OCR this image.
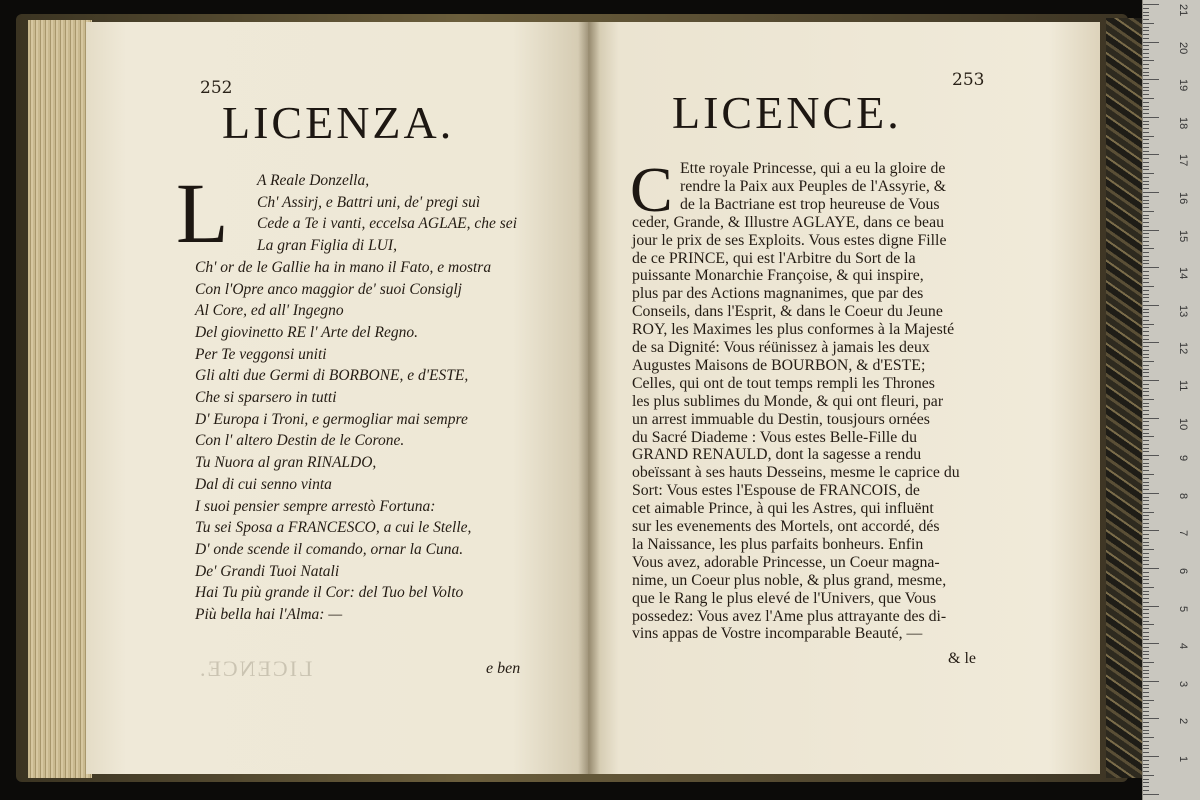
252
LICENZA.
L A Reale Donzella,
Ch' Assirj, e Battri uni, de' pregi suì
Cede a Te i vanti, eccelsa AGLAE, che sei
La gran Figlia di LUI,
Ch' or de le Gallie ha in mano il Fato, e mostra
Con l'Opre anco maggior de' suoi Consiglj
Al Core, ed all' Ingegno
Del giovinetto RE l' Arte del Regno.
Per Te veggonsi uniti
Gli alti due Germi di BORBONE, e d'ESTE,
Che si sparsero in tutti
D' Europa i Troni, e germogliar mai sempre
Con l' altero Destin de le Corone.
Tu Nuora al gran RINALDO,
Dal di cui senno vinta
I suoi pensier sempre arrestò Fortuna:
Tu sei Sposa a FRANCESCO, a cui le Stelle,
D' onde scende il comando, ornar la Cuna.
De' Grandi Tuoi Natali
Hai Tu più grande il Cor: del Tuo bel Volto
Più bella hai l'Alma: —
e ben
LICENCE.
253
LICENCE.
C Ette royale Princesse, qui a eu la gloire de
rendre la Paix aux Peuples de l'Assyrie, &
de la Bactriane est trop heureuse de Vous
ceder, Grande, & Illustre AGLAYE, dans ce beau
jour le prix de ses Exploits. Vous estes digne Fille
de ce PRINCE, qui est l'Arbitre du Sort de la
puissante Monarchie Françoise, & qui inspire,
plus par des Actions magnanimes, que par des
Conseils, dans l'Esprit, & dans le Coeur du Jeune
ROY, les Maximes les plus conformes à la Majesté
de sa Dignité: Vous réünissez à jamais les deux
Augustes Maisons de BOURBON, & d'ESTE;
Celles, qui ont de tout temps rempli les Thrones
les plus sublimes du Monde, & qui ont fleuri, par
un arrest immuable du Destin, tousjours ornées
du Sacré Diademe : Vous estes Belle-Fille du
GRAND RENAULD, dont la sagesse a rendu
obeïssant à ses hauts Desseins, mesme le caprice du
Sort: Vous estes l'Espouse de FRANCOIS, de
cet aimable Prince, à qui les Astres, qui influënt
sur les evenements des Mortels, ont accordé, dés
la Naissance, les plus parfaits bonheurs. Enfin
Vous avez, adorable Princesse, un Coeur magna-
nime, un Coeur plus noble, & plus grand, mesme,
que le Rang le plus elevé de l'Univers, que Vous
possedez: Vous avez l'Ame plus attrayante des di-
vins appas de Vostre incomparable Beauté, —
& le
21
20
19
18
17
16
15
14
13
12
11
10
9
8
7
6
5
4
3
2
1
